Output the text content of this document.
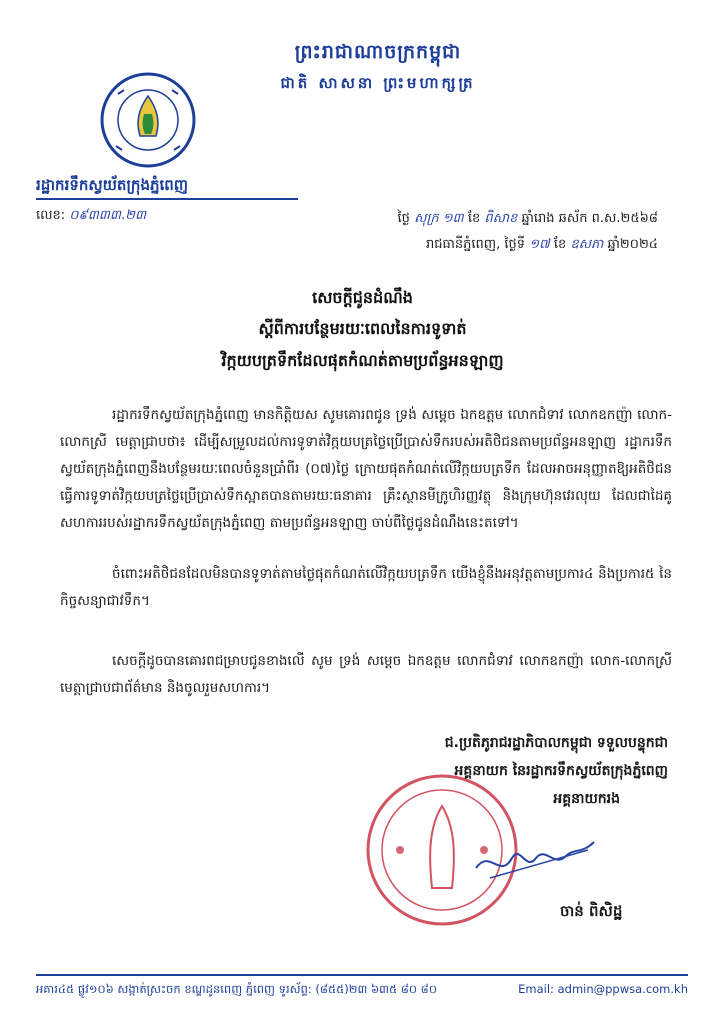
ព្រះរាជាណាចក្រកម្ពុជា
ជាតិ សាសនា ព្រះមហាក្សត្រ
រដ្ឋាករទឹកស្វយ័តក្រុងភ្នំពេញ
លេខ: ០៩៣៣៣.២៣	ថ្ងៃ សុក្រ ១៣ ខែ ពិសាខ ឆ្នាំរោង ឆស័ក ព.ស.២៥៦៨
រាជធានីភ្នំពេញ, ថ្ងៃទី ១៧ ខែ ឧសភា ឆ្នាំ២០២៤
សេចក្តីជូនដំណឹង
ស្តីពីការបន្ថែមរយៈពេលនៃការទូទាត់
វិក្កយបត្រទឹកដែលផុតកំណត់តាមប្រព័ន្ធអនឡាញ
រដ្ឋាករទឹកស្វយ័តក្រុងភ្នំពេញ មានកិត្តិយស សូមគោរពជូន ទ្រង់ សម្តេច ឯកឧត្តម លោកជំទាវ លោកឧកញ៉ា លោក-លោកស្រី មេត្តាជ្រាបថា៖ ដើម្បីសម្រួលដល់ការទូទាត់វិក្កយបត្រថ្លៃប្រើប្រាស់ទឹករបស់អតិថិជនតាមប្រព័ន្ធអនឡាញ រដ្ឋាករទឹកស្វយ័តក្រុងភ្នំពេញនឹងបន្ថែមរយៈពេលចំនួនប្រាំពីរ (០៧)ថ្ងៃ ក្រោយផុតកំណត់លើវិក្កយបត្រទឹក ដែលអាចអនុញ្ញាតឱ្យអតិថិជនធ្វើការទូទាត់វិក្កយបត្រថ្លៃប្រើប្រាស់ទឹកស្អាតបានតាមរយៈធនាគារ គ្រឹះស្ថានមីក្រូហិរញ្ញវត្ថុ និងក្រុមហ៊ុនវេរលុយ ដែលជាដៃគូសហការរបស់រដ្ឋាករទឹកស្វយ័តក្រុងភ្នំពេញ តាមប្រព័ន្ធអនឡាញ ចាប់ពីថ្ងៃជូនដំណឹងនេះតទៅ។
ចំពោះអតិថិជនដែលមិនបានទូទាត់តាមថ្ងៃផុតកំណត់លើវិក្កយបត្រទឹក យើងខ្ញុំនឹងអនុវត្តតាមប្រការ៤ និងប្រការ៥ នៃកិច្ចសន្យាជាវទឹក។
សេចក្តីដូចបានគោរពជម្រាបជូនខាងលើ សូម ទ្រង់ សម្តេច ឯកឧត្តម លោកជំទាវ លោកឧកញ៉ា លោក-លោកស្រី មេត្តាជ្រាបជាព័ត៌មាន និងចូលរួមសហការ។
ជ.ប្រតិភូរាជរដ្ឋាភិបាលកម្ពុជា ទទួលបន្ទុកជា
អគ្គនាយក នៃរដ្ឋាករទឹកស្វយ័តក្រុងភ្នំពេញ
អគ្គនាយករង
ចាន់ ពិសិដ្ឋ
អគារ៤៥ ផ្លូវ១០៦ សង្កាត់ស្រះចក ខណ្ឌដូនពេញ ភ្នំពេញ ទូរស័ព្ទ: (៨៥៥)២៣ ៦៣៥ ៨០ ៨០	Email: admin@ppwsa.com.kh
